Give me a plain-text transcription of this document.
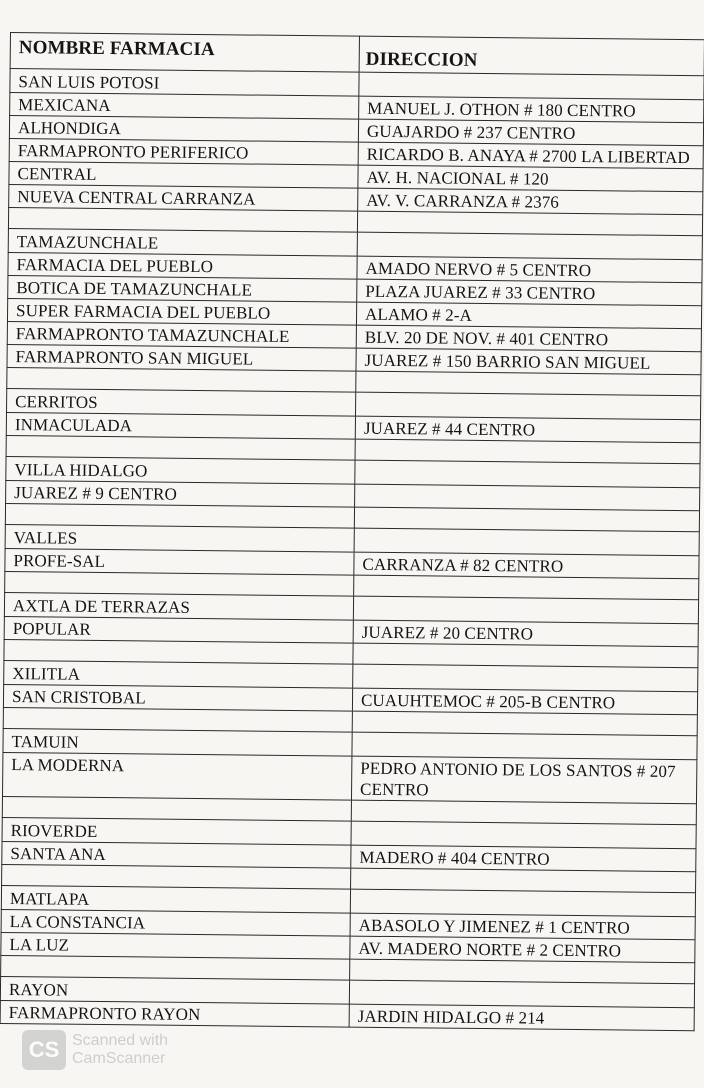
NOMBRE FARMACIA	DIRECCION
SAN LUIS POTOSI	
MEXICANA	MANUEL J. OTHON # 180 CENTRO
ALHONDIGA	GUAJARDO # 237 CENTRO
FARMAPRONTO PERIFERICO	RICARDO B. ANAYA # 2700 LA LIBERTAD
CENTRAL	AV. H. NACIONAL # 120
NUEVA CENTRAL CARRANZA	AV. V. CARRANZA # 2376

TAMAZUNCHALE	
FARMACIA DEL PUEBLO	AMADO NERVO # 5 CENTRO
BOTICA DE TAMAZUNCHALE	PLAZA JUAREZ # 33 CENTRO
SUPER FARMACIA DEL PUEBLO	ALAMO # 2-A
FARMAPRONTO TAMAZUNCHALE	BLV. 20 DE NOV. # 401 CENTRO
FARMAPRONTO SAN MIGUEL	JUAREZ # 150 BARRIO SAN MIGUEL

CERRITOS	
INMACULADA	JUAREZ # 44 CENTRO

VILLA HIDALGO	
JUAREZ # 9 CENTRO	

VALLES	
PROFE-SAL	CARRANZA # 82 CENTRO

AXTLA DE TERRAZAS	
POPULAR	JUAREZ # 20 CENTRO

XILITLA	
SAN CRISTOBAL	CUAUHTEMOC # 205-B CENTRO

TAMUIN	
LA MODERNA	PEDRO ANTONIO DE LOS SANTOS # 207 CENTRO

RIOVERDE	
SANTA ANA	MADERO # 404 CENTRO

MATLAPA	
LA CONSTANCIA	ABASOLO Y JIMENEZ # 1 CENTRO
LA LUZ	AV. MADERO NORTE # 2 CENTRO

RAYON	
FARMAPRONTO RAYON	JARDIN HIDALGO # 214
CS Scanned with
CamScanner
